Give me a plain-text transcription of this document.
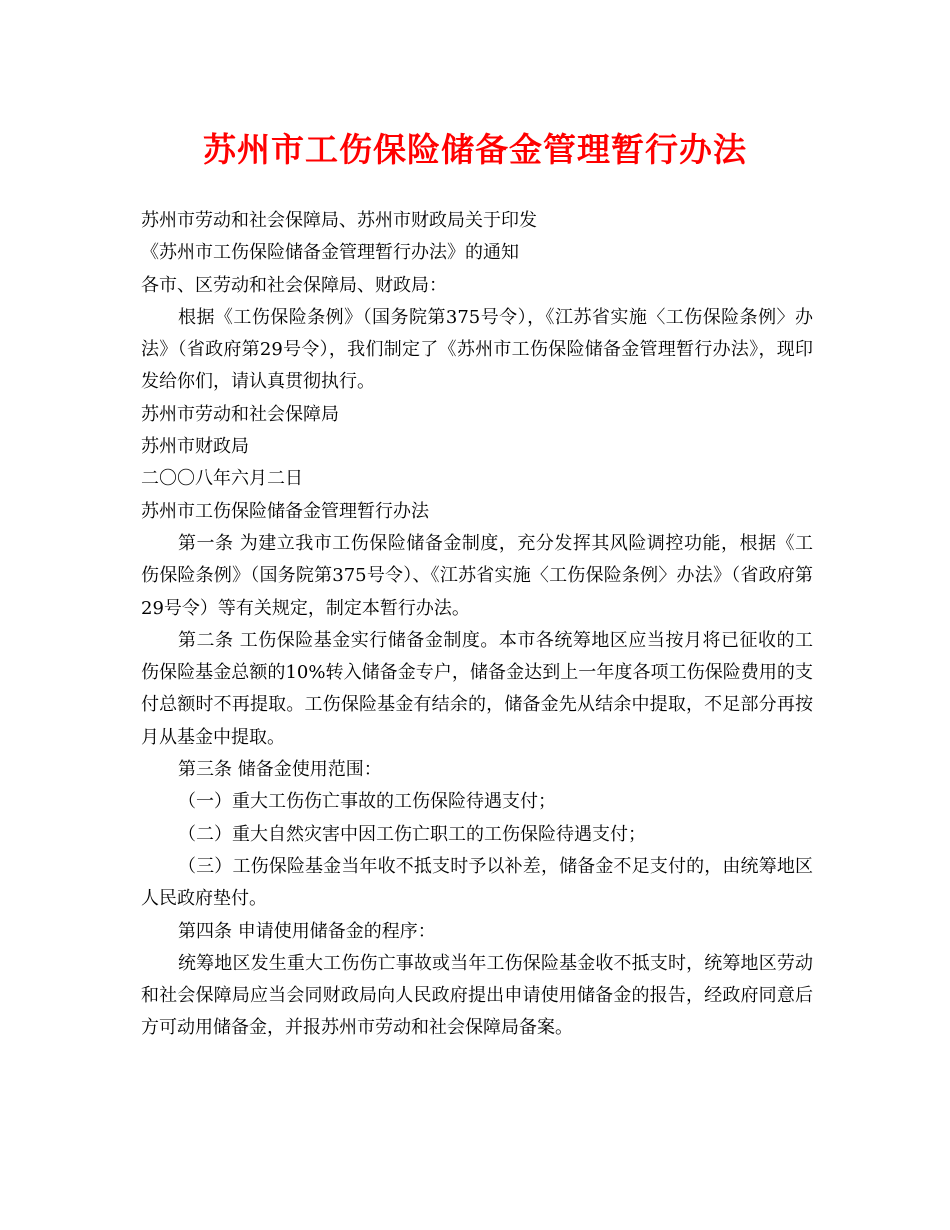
苏州市工伤保险储备金管理暂行办法

苏州市劳动和社会保障局、苏州市财政局关于印发

《苏州市工伤保险储备金管理暂行办法》的通知

各市、区劳动和社会保障局、财政局：

根据《工伤保险条例》（国务院第375号令），《江苏省实施〈工伤保险条例〉办法》（省政府第29号令），我们制定了《苏州市工伤保险储备金管理暂行办法》，现印发给你们，请认真贯彻执行。

苏州市劳动和社会保障局

苏州市财政局

二〇〇八年六月二日

苏州市工伤保险储备金管理暂行办法

第一条 为建立我市工伤保险储备金制度，充分发挥其风险调控功能，根据《工伤保险条例》（国务院第375号令）、《江苏省实施〈工伤保险条例〉办法》（省政府第29号令）等有关规定，制定本暂行办法。

第二条 工伤保险基金实行储备金制度。本市各统筹地区应当按月将已征收的工伤保险基金总额的10%转入储备金专户，储备金达到上一年度各项工伤保险费用的支付总额时不再提取。工伤保险基金有结余的，储备金先从结余中提取，不足部分再按月从基金中提取。

第三条 储备金使用范围：

（一）重大工伤伤亡事故的工伤保险待遇支付；

（二）重大自然灾害中因工伤亡职工的工伤保险待遇支付；

（三）工伤保险基金当年收不抵支时予以补差，储备金不足支付的，由统筹地区人民政府垫付。

第四条 申请使用储备金的程序：

统筹地区发生重大工伤伤亡事故或当年工伤保险基金收不抵支时，统筹地区劳动和社会保障局应当会同财政局向人民政府提出申请使用储备金的报告，经政府同意后方可动用储备金，并报苏州市劳动和社会保障局备案。
